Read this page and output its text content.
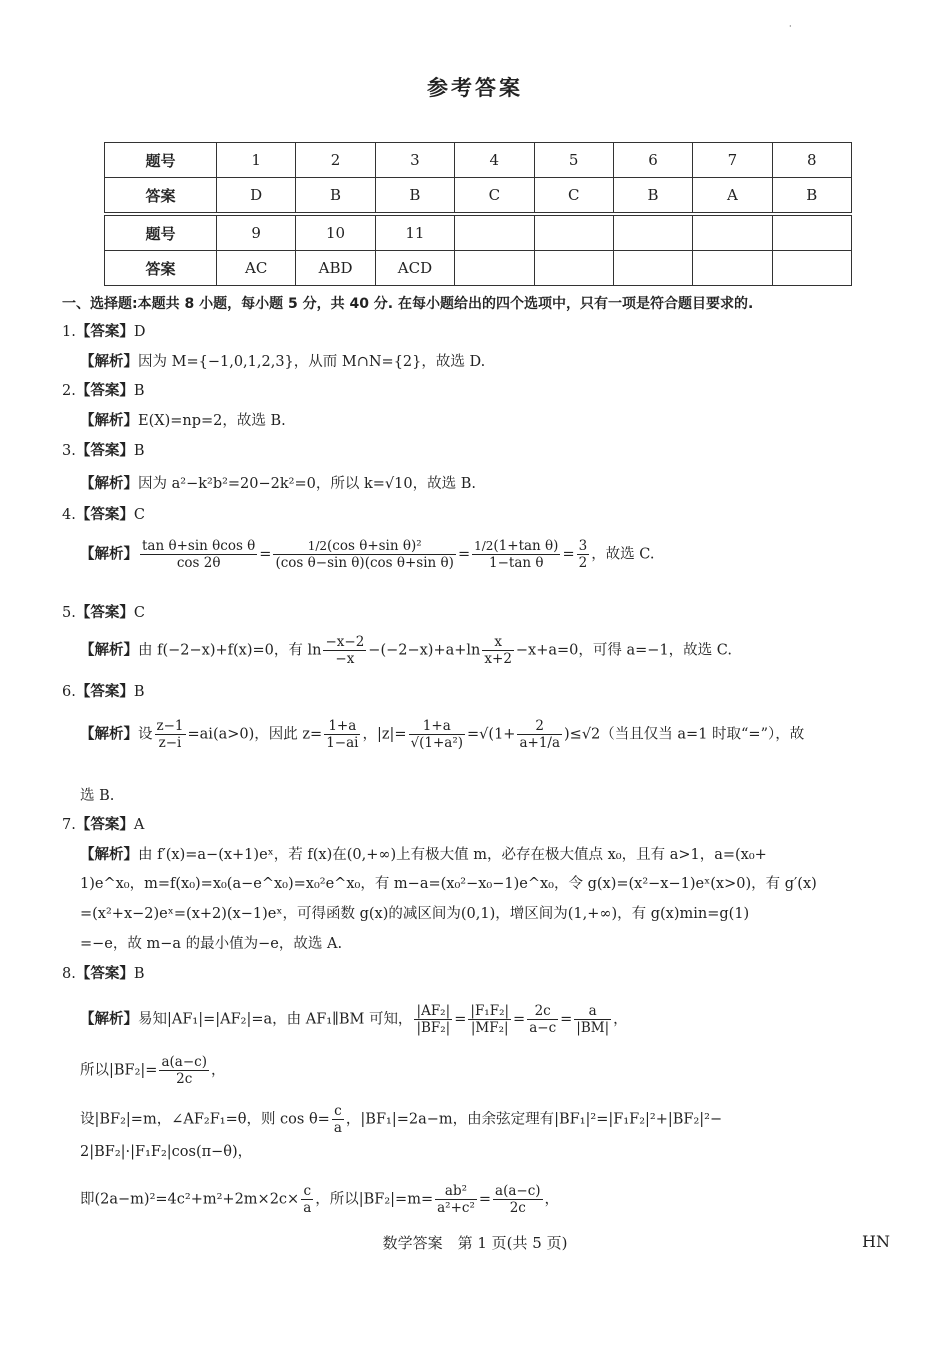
·
参考答案
题号	1	2	3	4	5	6	7	8
答案	D	B	B	C	C	B	A	B
题号	9	10	11					
答案	AC	ABD	ACD					
一、选择题:本题共 8 小题，每小题 5 分，共 40 分. 在每小题给出的四个选项中，只有一项是符合题目要求的.
1.【答案】D
【解析】因为 M={−1,0,1,2,3}，从而 M∩N={2}，故选 D.
2.【答案】B
【解析】E(X)=np=2，故选 B.
3.【答案】B
【解析】因为 a²−k²b²=20−2k²=0，所以 k=√10，故选 B.
4.【答案】C
【解析】 $\frac{\text{tan θ+sin θcos θ}}{\cos 2\theta} = \frac{\text{1/2(cos θ+sin θ)²}}{\text{(cos θ−sin θ)(cos θ+sin θ)}} = \frac{\text{1/2(1+tan θ)}}{\text{1−tan θ}} = \frac{3}{2}$ ，故选 C.
5.【答案】C
【解析】由 f(−2−x)+f(x)=0，有 $\ln \frac{-x-2}{-x} -(-2-x)+a+\ln \frac{x}{x+2} -x+a=0$，可得 a=−1，故选 C.
6.【答案】B
【解析】设 $\frac{z-1}{z-i} =ai(a>0)$，因此 $z= \frac{1+a}{1-ai}$ ，$|z|= \frac{1+a}{\text{√(1+a²)}} =√(1+ \frac{2}{a+1/a} )\le√2$（当且仅当 a=1 时取“=”），故
选 B.
7.【答案】A
【解析】由 f′(x)=a−(x+1)eˣ，若 f(x)在(0,+∞)上有极大值 m，必存在极大值点 x₀，且有 a>1，a=(x₀+
1)e^x₀，m=f(x₀)=x₀(a−e^x₀)=x₀²e^x₀，有 m−a=(x₀²−x₀−1)e^x₀，令 g(x)=(x²−x−1)eˣ(x>0)，有 g′(x)
=(x²+x−2)eˣ=(x+2)(x−1)eˣ，可得函数 g(x)的减区间为(0,1)，增区间为(1,+∞)，有 g(x)min=g(1)
=−e，故 m−a 的最小值为−e，故选 A.
8.【答案】B
【解析】易知|AF₁|=|AF₂|=a，由 AF₁∥BM 可知， $\frac{\text{|AF₂|}}{\text{|BF₂|}} = \frac{\text{|F₁F₂|}}{\text{|MF₂|}} = \frac{2c}{a-c} = \frac{a}{|BM|}$ ，
所以$|BF_2|= \frac{a(a-c)}{2c}$ ，
设|BF₂|=m，∠AF₂F₁=θ，则 $\cos \theta= \frac{c}{a}$ ，|BF₁|=2a−m，由余弦定理有|BF₁|²=|F₁F₂|²+|BF₂|²−
2|BF₂|·|F₁F₂|cos(π−θ)，
即$(2a-m)^2=4c^2+m^2+2m\times 2c\times \frac{c}{a}$ ，所以$|BF_2|=m= \frac{\text{ab²}}{\text{a²+c²}} = \frac{a(a-c)}{2c}$ ，
数学答案　第 1 页(共 5 页)	HN
